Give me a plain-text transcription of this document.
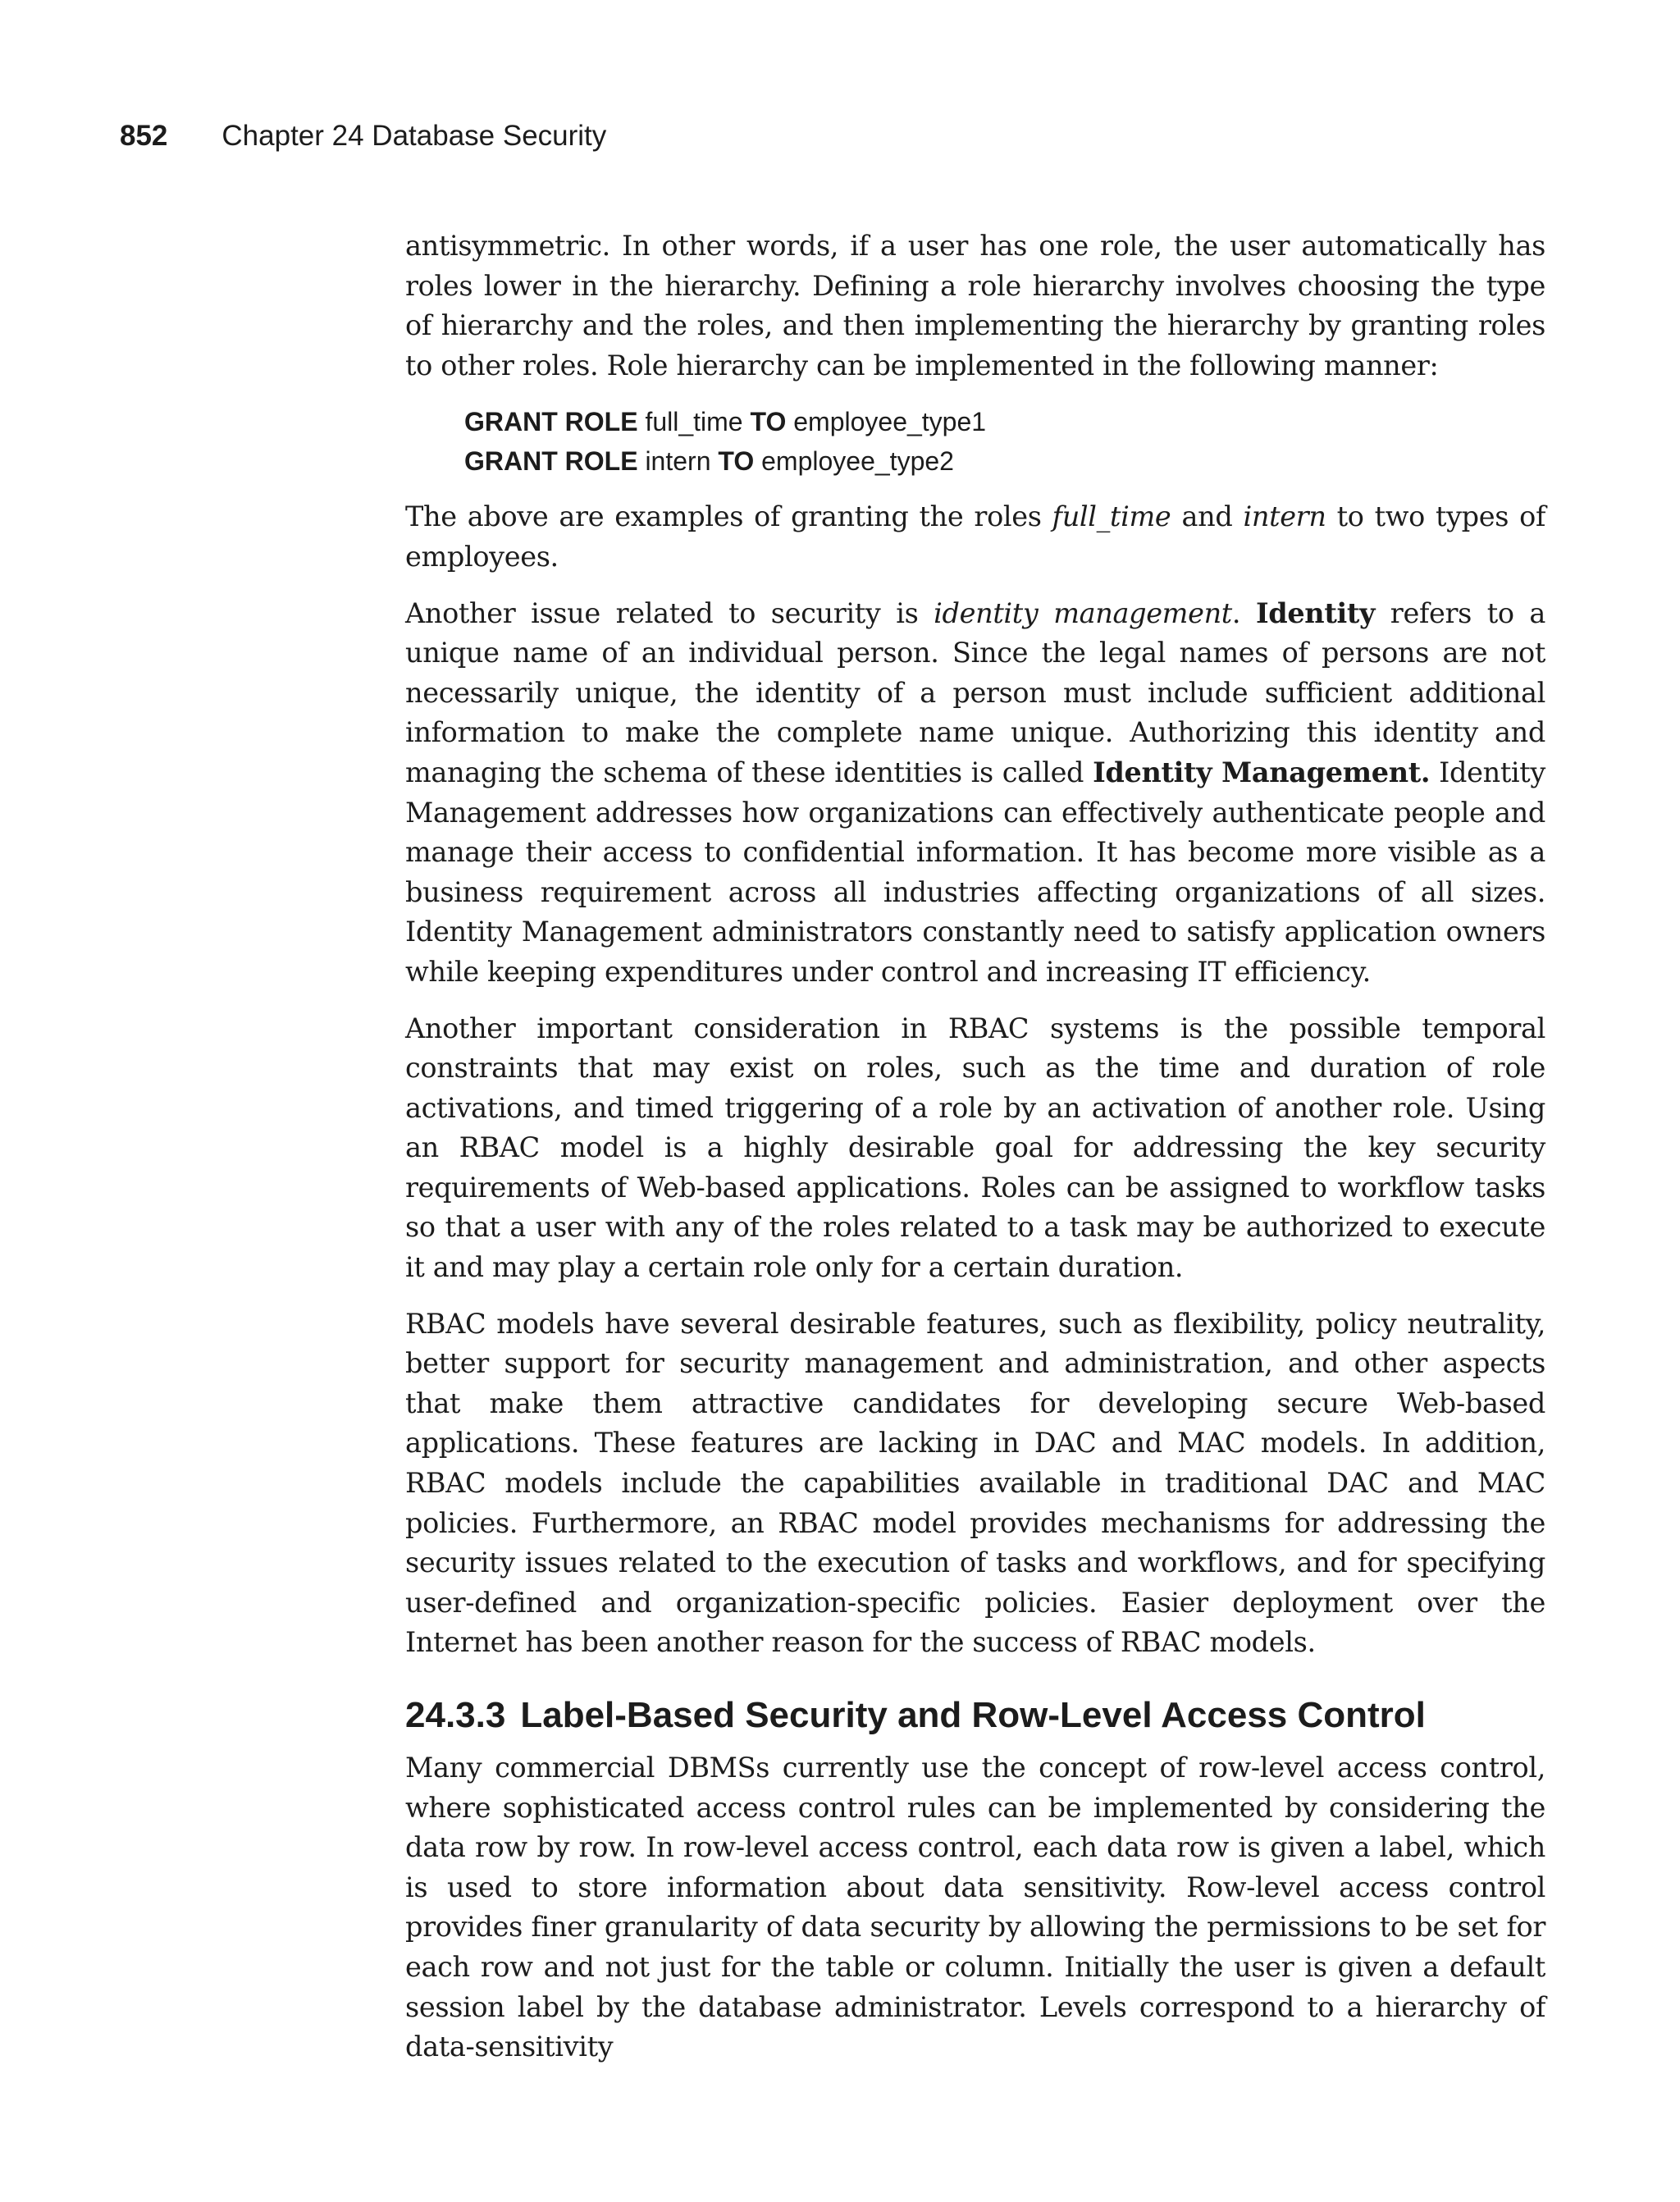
852 Chapter 24 Database Security

antisymmetric. In other words, if a user has one role, the user automatically has roles lower in the hierarchy. Defining a role hierarchy involves choosing the type of hierarchy and the roles, and then implementing the hierarchy by granting roles to other roles. Role hierarchy can be implemented in the following manner:

GRANT ROLE full_time TO employee_type1
GRANT ROLE intern TO employee_type2

The above are examples of granting the roles full_time and intern to two types of employees.

Another issue related to security is identity management. Identity refers to a unique name of an individual person. Since the legal names of persons are not necessarily unique, the identity of a person must include sufficient additional information to make the complete name unique. Authorizing this identity and managing the schema of these identities is called Identity Management. Identity Management addresses how organizations can effectively authenticate people and manage their access to confidential information. It has become more visible as a business requirement across all industries affecting organizations of all sizes. Identity Management administrators constantly need to satisfy application owners while keeping expenditures under control and increasing IT efficiency.

Another important consideration in RBAC systems is the possible temporal constraints that may exist on roles, such as the time and duration of role activations, and timed triggering of a role by an activation of another role. Using an RBAC model is a highly desirable goal for addressing the key security requirements of Web-based applications. Roles can be assigned to workflow tasks so that a user with any of the roles related to a task may be authorized to execute it and may play a certain role only for a certain duration.

RBAC models have several desirable features, such as flexibility, policy neutrality, better support for security management and administration, and other aspects that make them attractive candidates for developing secure Web-based applications. These features are lacking in DAC and MAC models. In addition, RBAC models include the capabilities available in traditional DAC and MAC policies. Furthermore, an RBAC model provides mechanisms for addressing the security issues related to the execution of tasks and workflows, and for specifying user-defined and organization-specific policies. Easier deployment over the Internet has been another reason for the success of RBAC models.

24.3.3 Label-Based Security and Row-Level Access Control

Many commercial DBMSs currently use the concept of row-level access control, where sophisticated access control rules can be implemented by considering the data row by row. In row-level access control, each data row is given a label, which is used to store information about data sensitivity. Row-level access control provides finer granularity of data security by allowing the permissions to be set for each row and not just for the table or column. Initially the user is given a default session label by the database administrator. Levels correspond to a hierarchy of data-sensitivity
